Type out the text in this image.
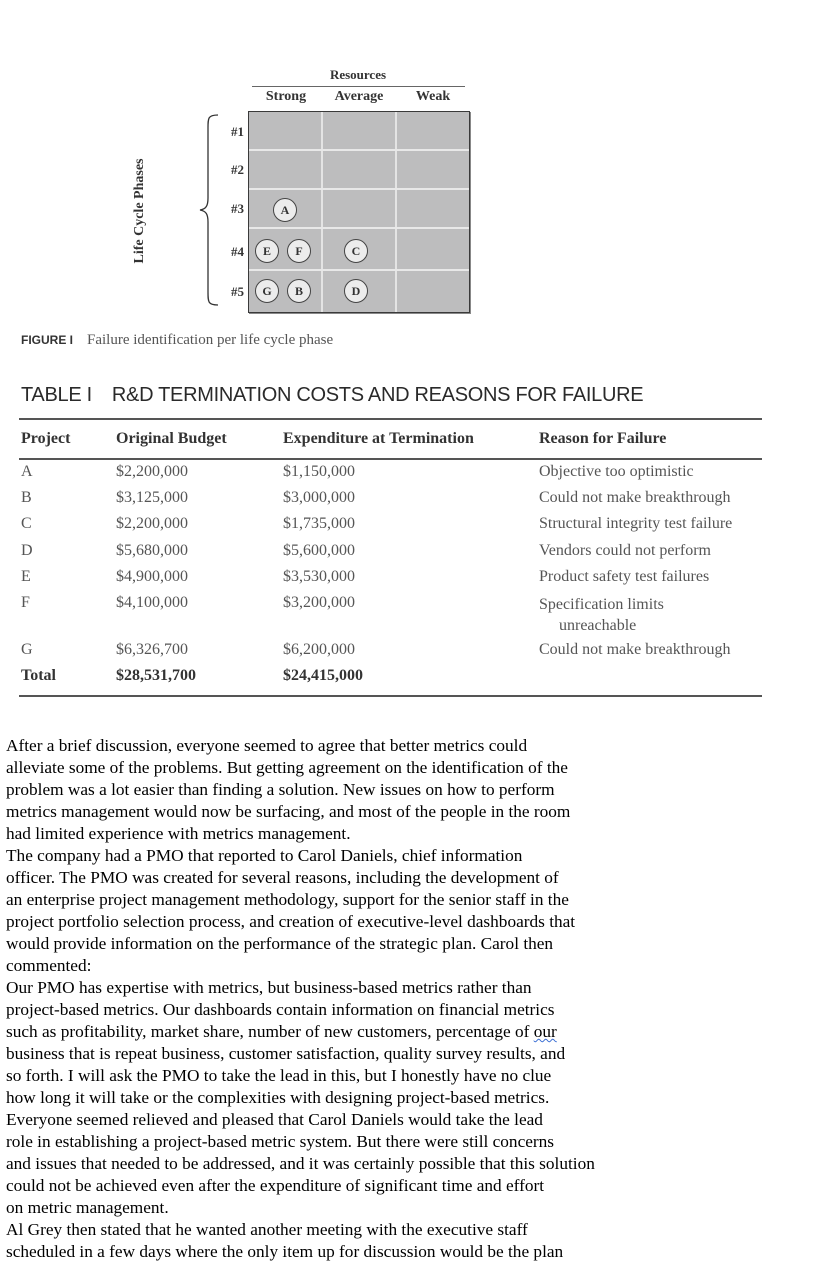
Resources
Strong	Average	Weak
Life Cycle Phases
#1
#2
#3
#4
#5
A
E	F	C
G	B	D
FIGURE I Failure identification per life cycle phase
TABLE I R&D TERMINATION COSTS AND REASONS FOR FAILURE
Project	Original Budget	Expenditure at Termination	Reason for Failure
A	$2,200,000	$1,150,000	Objective too optimistic
B	$3,125,000	$3,000,000	Could not make breakthrough
C	$2,200,000	$1,735,000	Structural integrity test failure
D	$5,680,000	$5,600,000	Vendors could not perform
E	$4,900,000	$3,530,000	Product safety test failures
F	$4,100,000	$3,200,000	Specification limits
unreachable
G	$6,326,700	$6,200,000	Could not make breakthrough
Total	$28,531,700	$24,415,000

After a brief discussion, everyone seemed to agree that better metrics could
alleviate some of the problems. But getting agreement on the identification of the
problem was a lot easier than finding a solution. New issues on how to perform
metrics management would now be surfacing, and most of the people in the room
had limited experience with metrics management.

The company had a PMO that reported to Carol Daniels, chief information
officer. The PMO was created for several reasons, including the development of
an enterprise project management methodology, support for the senior staff in the
project portfolio selection process, and creation of executive-level dashboards that
would provide information on the performance of the strategic plan. Carol then
commented:

Our PMO has expertise with metrics, but business-based metrics rather than
project-based metrics. Our dashboards contain information on financial metrics
such as profitability, market share, number of new customers, percentage of our
business that is repeat business, customer satisfaction, quality survey results, and
so forth. I will ask the PMO to take the lead in this, but I honestly have no clue
how long it will take or the complexities with designing project-based metrics.

Everyone seemed relieved and pleased that Carol Daniels would take the lead
role in establishing a project-based metric system. But there were still concerns
and issues that needed to be addressed, and it was certainly possible that this solution
could not be achieved even after the expenditure of significant time and effort
on metric management.

Al Grey then stated that he wanted another meeting with the executive staff
scheduled in a few days where the only item up for discussion would be the plan
